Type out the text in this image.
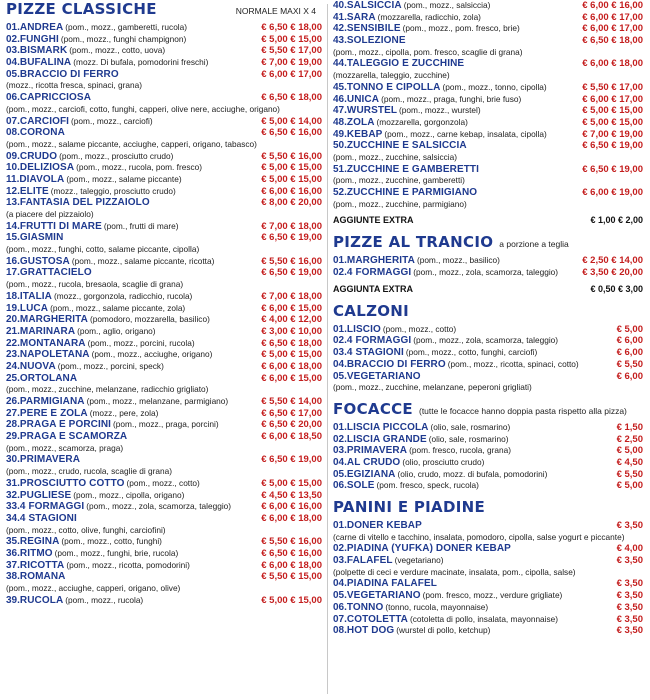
PIZZE CLASSICHE	NORMALE MAXI X 4
01. ANDREA (pom., mozz., gamberetti, rucola)	€ 6,50 € 18,00
02. FUNGHI (pom., mozz., funghi champignon)	€ 5,00 € 15,00
03. BISMARK (pom., mozz., cotto, uova)	€ 5,50 € 17,00
04. BUFALINA (mozz. Di bufala, pomodorini freschi)	€ 7,00 € 19,00
05. BRACCIO DI FERRO	€ 6,00 € 17,00
(mozz., ricotta fresca, spinaci, grana)
06. CAPRICCIOSA	€ 6,50 € 18,00
(pom., mozz., carciofi, cotto, funghi, capperi, olive nere, acciughe, origano)
07. CARCIOFI (pom., mozz., carciofi)	€ 5,00 € 14,00
08. CORONA	€ 6,50 € 16,00
(pom., mozz., salame piccante, acciughe, capperi, origano, tabasco)
09. CRUDO (pom., mozz., prosciutto crudo)	€ 5,50 € 16,00
10. DELIZIOSA (pom., mozz., rucola, pom. fresco)	€ 5,00 € 15,00
11. DIAVOLA (pom., mozz., salame piccante)	€ 5,00 € 15,00
12. ELITE (mozz., taleggio, prosciutto crudo)	€ 6,00 € 16,00
13. FANTASIA DEL PIZZAIOLO	€ 8,00 € 20,00
(a piacere del pizzaiolo)
14. FRUTTI DI MARE (pom., frutti di mare)	€ 7,00 € 18,00
15. GIASMIN	€ 6,50 € 19,00
(pom., mozz., funghi, cotto, salame piccante, cipolla)
16. GUSTOSA (pom., mozz., salame piccante, ricotta)	€ 5,50 € 16,00
17. GRATTACIELO	€ 6,50 € 19,00
(pom., mozz., rucola, bresaola, scaglie di grana)
18. ITALIA (mozz., gorgonzola, radicchio, rucola)	€ 7,00 € 18,00
19. LUCA (pom., mozz., salame piccante, zola)	€ 6,00 € 15,00
20. MARGHERITA (pomodoro, mozzarella, basilico)	€ 4,00 € 12,00
21. MARINARA (pom., aglio, origano)	€ 3,00 € 10,00
22. MONTANARA (pom., mozz., porcini, rucola)	€ 6,50 € 18,00
23. NAPOLETANA (pom., mozz., acciughe, origano)	€ 5,00 € 15,00
24. NUOVA (pom., mozz., porcini, speck)	€ 6,00 € 18,00
25. ORTOLANA	€ 6,00 € 15,00
(pom., mozz., zucchine, melanzane, radicchio grigliato)
26. PARMIGIANA (pom., mozz., melanzane, parmigiano)	€ 5,50 € 14,00
27. PERE E ZOLA (mozz., pere, zola)	€ 6,50 € 17,00
28. PRAGA E PORCINI (pom., mozz., praga, porcini)	€ 6,50 € 20,00
29. PRAGA E SCAMORZA	€ 6,00 € 18,50
(pom., mozz., scamorza, praga)
30. PRIMAVERA	€ 6,50 € 19,00
(pom., mozz., crudo, rucola, scaglie di grana)
31. PROSCIUTTO COTTO (pom., mozz., cotto)	€ 5,00 € 15,00
32. PUGLIESE (pom., mozz., cipolla, origano)	€ 4,50 € 13,50
33. 4 FORMAGGI (pom., mozz., zola, scamorza, taleggio)	€ 6,00 € 16,00
34. 4 STAGIONI	€ 6,00 € 18,00
(pom., mozz., cotto, olive, funghi, carciofini)
35. REGINA (pom., mozz., cotto, funghi)	€ 5,50 € 16,00
36. RITMO (pom., mozz., funghi, brie, rucola)	€ 6,50 € 16,00
37. RICOTTA (pom., mozz., ricotta, pomodorini)	€ 6,00 € 18,00
38. ROMANA	€ 5,50 € 15,00
(pom., mozz., acciughe, capperi, origano, olive)
39. RUCOLA (pom., mozz., rucola)	€ 5,00 € 15,00
40. SALSICCIA (pom., mozz., salsiccia)	€ 6,00 € 16,00
41. SARA (mozzarella, radicchio, zola)	€ 6,00 € 17,00
42. SENSIBILE (pom., mozz., pom. fresco, brie)	€ 6,00 € 17,00
43. SOLEZIONE	€ 6,50 € 18,00
(pom., mozz., cipolla, pom. fresco, scaglie di grana)
44. TALEGGIO E ZUCCHINE	€ 6,00 € 18,00
(mozzarella, taleggio, zucchine)
45. TONNO E CIPOLLA (pom., mozz., tonno, cipolla)	€ 5,50 € 17,00
46. UNICA (pom., mozz., praga, funghi, brie fuso)	€ 6,00 € 17,00
47. WURSTEL (pom., mozz., wurstel)	€ 5,00 € 15,00
48. ZOLA (mozzarella, gorgonzola)	€ 5,00 € 15,00
49. KEBAP (pom., mozz., carne kebap, insalata, cipolla)	€ 7,00 € 19,00
50. ZUCCHINE E SALSICCIA	€ 6,50 € 19,00
(pom., mozz., zucchine, salsiccia)
51. ZUCCHINE E GAMBERETTI	€ 6,50 € 19,00
(pom., mozz., zucchine, gamberetti)
52. ZUCCHINE E PARMIGIANO	€ 6,00 € 19,00
(pom., mozz., zucchine, parmigiano)
AGGIUNTE EXTRA	€ 1,00 € 2,00
PIZZE AL TRANCIO a porzione a teglia
01. MARGHERITA (pom., mozz., basilico)	€ 2,50 € 14,00
02. 4 FORMAGGI (pom., mozz., zola, scamorza, taleggio)	€ 3,50 € 20,00
AGGIUNTA EXTRA	€ 0,50 € 3,00
CALZONI
01. LISCIO (pom., mozz., cotto)	€ 5,00
02. 4 FORMAGGI (pom., mozz., zola, scamorza, taleggio)	€ 6,00
03. 4 STAGIONI (pom., mozz., cotto, funghi, carciofi)	€ 6,00
04. BRACCIO DI FERRO (pom., mozz., ricotta, spinaci, cotto)	€ 5,50
05. VEGETARIANO	€ 6,00
(pom., mozz., zucchine, melanzane, peperoni grigliati)
FOCACCE (tutte le focacce hanno doppia pasta rispetto alla pizza)
01. LISCIA PICCOLA (olio, sale, rosmarino)	€ 1,50
02. LISCIA GRANDE (olio, sale, rosmarino)	€ 2,50
03. PRIMAVERA (pom. fresco, rucola, grana)	€ 5,00
04. AL CRUDO (olio, prosciutto crudo)	€ 4,50
05. EGIZIANA (olio, crudo, mozz. di bufala, pomodorini)	€ 5,50
06. SOLE (pom. fresco, speck, rucola)	€ 5,00
PANINI E PIADINE
01. DONER KEBAP	€ 3,50
(carne di vitello e tacchino, insalata, pomodoro, cipolla, salse yogurt e piccante)
02. PIADINA (YUFKA) DONER KEBAP	€ 4,00
03. FALAFEL (vegetariano)	€ 3,50
(polpette di ceci e verdure macinate, insalata, pom., cipolla, salse)
04. PIADINA FALAFEL	€ 3,50
05. VEGETARIANO (pom. fresco, mozz., verdure grigliate)	€ 3,50
06. TONNO (tonno, rucola, mayonnaise)	€ 3,50
07. COTOLETTA (cotoletta di pollo, insalata, mayonnaise)	€ 3,50
08. HOT DOG (wurstel di pollo, ketchup)	€ 3,50
